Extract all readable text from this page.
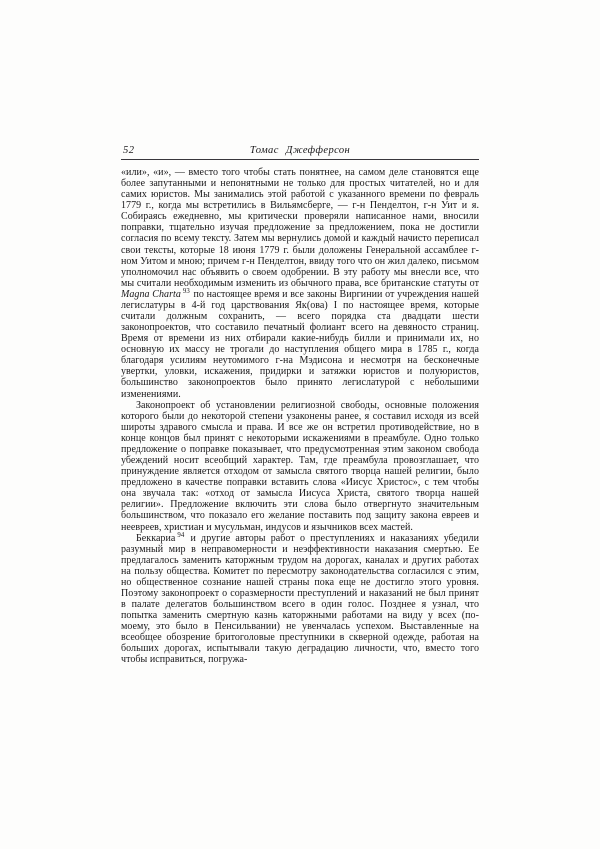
52	Томас Джефферсон

«или», «и», — вместо того чтобы стать понятнее, на самом деле становятся еще более запутанными и непонятными не только для простых читателей, но и для самих юристов. Мы занимались этой работой с указанного времени по февраль 1779 г., когда мы встретились в Вильямсберге, — г-н Пенделтон, г-н Уит и я. Собираясь ежедневно, мы критически проверяли написанное нами, вносили поправки, тщательно изучая предложение за предложением, пока не достигли согласия по всему тексту. Затем мы вернулись домой и каждый начисто переписал свои тексты, которые 18 июня 1779 г. были доложены Генеральной ассамблее г-ном Уитом и мною; причем г-н Пенделтон, ввиду того что он жил далеко, письмом уполномочил нас объявить о своем одобрении. В эту работу мы внесли все, что мы считали необходимым изменить из обычного права, все британские статуты от Magna Charta $^{93}$ по настоящее время и все законы Виргинии от учреждения нашей легислатуры в 4-й год царствования Як(ова) I по настоящее время, которые считали должным сохранить, — всего порядка ста двадцати шести законопроектов, что составило печатный фолиант всего на девяносто страниц. Время от времени из них отбирали какие-нибудь билли и принимали их, но основную их массу не трогали до наступления общего мира в 1785 г., когда благодаря усилиям неутомимого г-на Мэдисона и несмотря на бесконечные увертки, уловки, искажения, придирки и затяжки юристов и полуюристов, большинство законопроектов было принято легислатурой с небольшими изменениями.

Законопроект об установлении религиозной свободы, основные положения которого были до некоторой степени узаконены ранее, я составил исходя из всей широты здравого смысла и права. И все же он встретил противодействие, но в конце концов был принят с некоторыми искажениями в преамбуле. Одно только предложение о поправке показывает, что предусмотренная этим законом свобода убеждений носит всеобщий характер. Там, где преамбула провозглашает, что принуждение является отходом от замысла святого творца нашей религии, было предложено в качестве поправки вставить слова «Иисус Христос», с тем чтобы она звучала так: «отход от замысла Иисуса Христа, святого творца нашей религии». Предложение включить эти слова было отвергнуто значительным большинством, что показало его желание поставить под защиту закона евреев и неевреев, христиан и мусульман, индусов и язычников всех мастей.

Беккариа $^{94}$ и другие авторы работ о преступлениях и наказаниях убедили разумный мир в неправомерности и неэффективности наказания смертью. Ее предлагалось заменить каторжным трудом на дорогах, каналах и других работах на пользу общества. Комитет по пересмотру законодательства согласился с этим, но общественное сознание нашей страны пока еще не достигло этого уровня. Поэтому законопроект о соразмерности преступлений и наказаний не был принят в палате делегатов большинством всего в один голос. Позднее я узнал, что попытка заменить смертную казнь каторжными работами на виду у всех (по-моему, это было в Пенсильвании) не увенчалась успехом. Выставленные на всеобщее обозрение бритоголовые преступники в скверной одежде, работая на больших дорогах, испытывали такую деградацию личности, что, вместо того чтобы исправиться, погружа-
